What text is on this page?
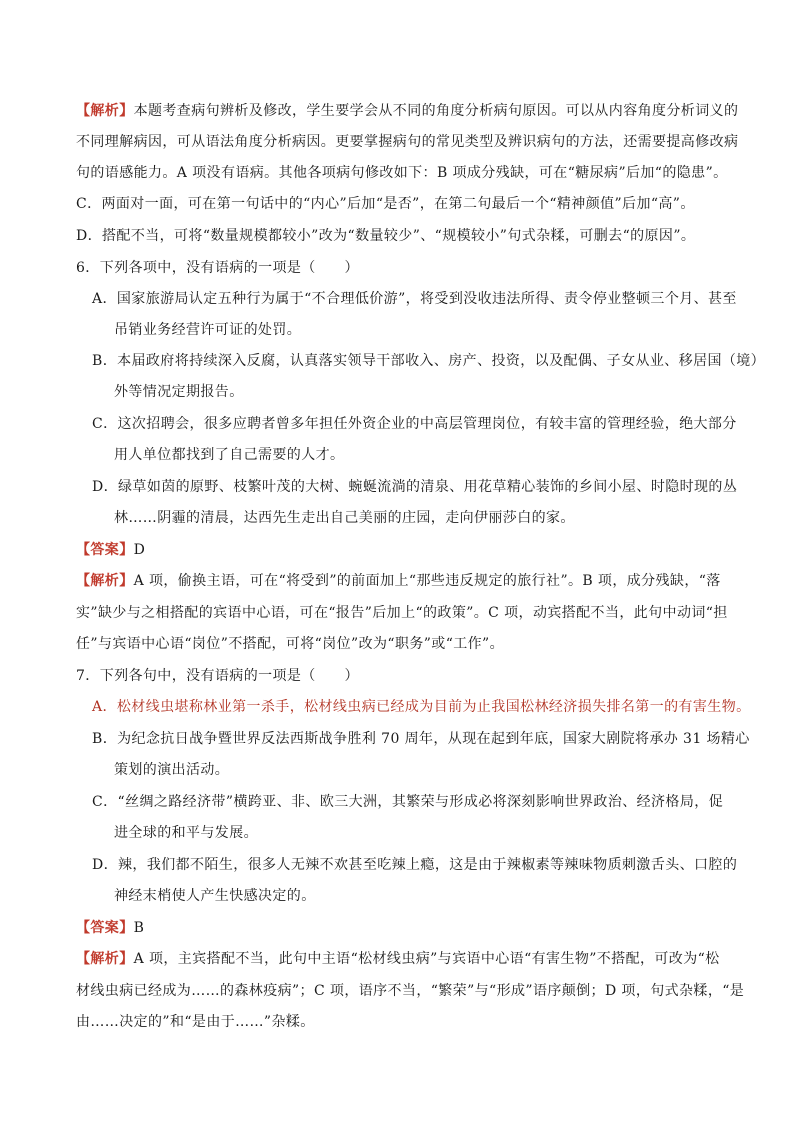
【解析】本题考查病句辨析及修改，学生要学会从不同的角度分析病句原因。可以从内容角度分析词义的
不同理解病因，可从语法角度分析病因。更要掌握病句的常见类型及辨识病句的方法，还需要提高修改病
句的语感能力。A 项没有语病。其他各项病句修改如下：B 项成分残缺，可在“糖尿病”后加“的隐患”。
C．两面对一面，可在第一句话中的“内心”后加“是否”，在第二句最后一个“精神颜值”后加“高”。
D．搭配不当，可将“数量规模都较小”改为“数量较少”、“规模较小”句式杂糅，可删去“的原因”。
6．下列各项中，没有语病的一项是（　　）
A．国家旅游局认定五种行为属于“不合理低价游”，将受到没收违法所得、责令停业整顿三个月、甚至
吊销业务经营许可证的处罚。
B．本届政府将持续深入反腐，认真落实领导干部收入、房产、投资，以及配偶、子女从业、移居国（境）
外等情况定期报告。
C．这次招聘会，很多应聘者曾多年担任外资企业的中高层管理岗位，有较丰富的管理经验，绝大部分
用人单位都找到了自己需要的人才。
D．绿草如茵的原野、枝繁叶茂的大树、蜿蜒流淌的清泉、用花草精心装饰的乡间小屋、时隐时现的丛
林……阴霾的清晨，达西先生走出自己美丽的庄园，走向伊丽莎白的家。
【答案】D
【解析】A 项，偷换主语，可在“将受到”的前面加上“那些违反规定的旅行社”。B 项，成分残缺，“落
实”缺少与之相搭配的宾语中心语，可在“报告”后加上“的政策”。C 项，动宾搭配不当，此句中动词“担
任”与宾语中心语“岗位”不搭配，可将“岗位”改为“职务”或“工作”。
7．下列各句中，没有语病的一项是（　　）
A．松材线虫堪称林业第一杀手，松材线虫病已经成为目前为止我国松林经济损失排名第一的有害生物。
B．为纪念抗日战争暨世界反法西斯战争胜利 70 周年，从现在起到年底，国家大剧院将承办 31 场精心
策划的演出活动。
C．“丝绸之路经济带”横跨亚、非、欧三大洲，其繁荣与形成必将深刻影响世界政治、经济格局，促
进全球的和平与发展。
D．辣，我们都不陌生，很多人无辣不欢甚至吃辣上瘾，这是由于辣椒素等辣味物质刺激舌头、口腔的
神经末梢使人产生快感决定的。
【答案】B
【解析】A 项，主宾搭配不当，此句中主语“松材线虫病”与宾语中心语“有害生物”不搭配，可改为“松
材线虫病已经成为……的森林疫病”；C 项，语序不当，“繁荣”与“形成”语序颠倒；D 项，句式杂糅，“是
由……决定的”和“是由于……”杂糅。
